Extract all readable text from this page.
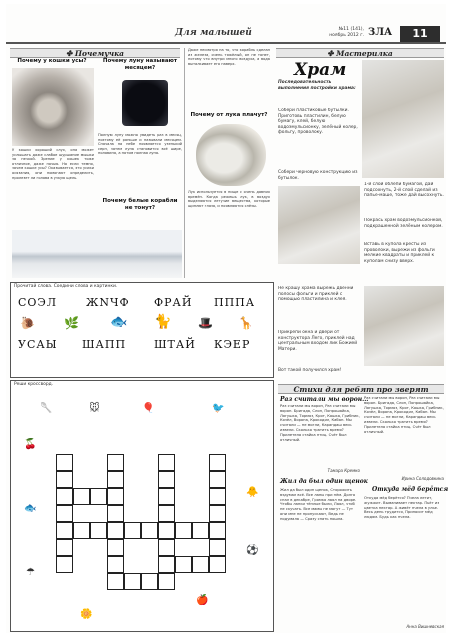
Для малышей	№11 (141),
ноябрь 2012 г. ЗЛА	11
✤ Почемучка
Почему у кошки усы?
У кошки хороший слух, она может услышать даже слабое шуршание мышки за печкой. Зрение у кошек тоже отличное, даже ночью. Но если темно, зачем кошке усы? Оказывается, это усики осязания, они помогают определить, пролезет ли голова в узкую щель.
Почему луну называют месяцем?
Полную луну можно увидеть раз в месяц, поэтому её раньше и называли месяцем. Сначала на небе появляется узенький серп, затем луна становится всё шире, половина, а потом полная луна.
Почему белые корабли не тонут?
Даже несмотря на то, что корабль сделан из железа, очень тяжёлый, он не тонет, потому что внутри много воздуха, а вода выталкивает его наверх.
Почему от лука плачут?
Лук используется в пище с очень давних времён. Когда режешь лук, в воздух выделяются летучие вещества, которые щиплют глаза, и появляются слёзы.
✤ Мастерилка
Храм
Последовательность выполнения постройки храма:
Собери пластиковые бутылки. Приготовь пластилин, белую бумагу, клей, белую водоэмульсионку, зелёный колер, фольгу, проволоку.
Собери черновую конструкцию из бутылок.
1-й слой облепи бумагой, дай подсохнуть, 2-й слой сделай из папье-маше, тоже дай высохнуть.
Покрась храм водоэмульсионкой, подкрашенной зелёным колером.
Вставь в купола кресты из проволоки, вырежи из фольги мелкие квадраты и приклей к куполам снизу вверх.
Не крашу храма вырежь двенни полосы фольги и приклей с помощью пластилина и клея.
Прикрепи окна и двери от конструктора Лего, приклей над центральным входом лик Божией Матери.
Вот такой получился храм!
Прочитай слова. Соедини слова и картинки.
СОЭЛ	ЖNЧФ ФРАЙ ПППА
УСАЫ ШАПП	ШТАЙ КЭЕР
🐌 🌿 🐟 🐈 🎩 🦒
Реши кроссворд.
🥄	🐭	🎈	🐦
🍒
🐟
☂
🐥
⚽
🍎
🌼
Стихи для ребят про зверят
Раз считали мы ворон...
Раз считали мы ворон, Раз считали мы ворон. Бригада, Слон, Попрошайка, Лягушка, Тормоз, Крот, Кошка, Грибник, Козёл, Ворона, Крокодил, Кабан. Мы считали — не могли, Карандаш весь извели. Сколько тратить время? Прилетела стайка птиц. Счёт был отличный.
Тамара Кремко
Жил да был один щенок
Жил да был один щенок, Сторожить вздумал всё. Все лапы при нём. Долго спал в декабре, Громко лаял на дворе. Чтобы лапки тёплые были, Лаял, чтоб не скучать. Все мамы не могут — Тут они мне не пропускают, Ведь не подумала — Сразу спать пошла.
Раз считали мы ворон, Раз считали мы ворон. Бригада, Слон, Попрошайка, Лягушка, Тормоз, Крот, Кошка, Грибник, Козёл, Ворона, Крокодил, Кабан. Мы считали — не могли, Карандаш весь извели. Сколько тратить время? Прилетела стайка птиц. Счёт был отличный.
Ирина Солодовкина
Откуда мёд берётся
Откуда мёд берётся? Пчела летит, жужжит. Выманивает нектар. Пьёт из цветка нектар. А живёт пчела в улье. Весь день трудится, Приносит мёд людям. Будь как пчела.
Анна Вишневская
